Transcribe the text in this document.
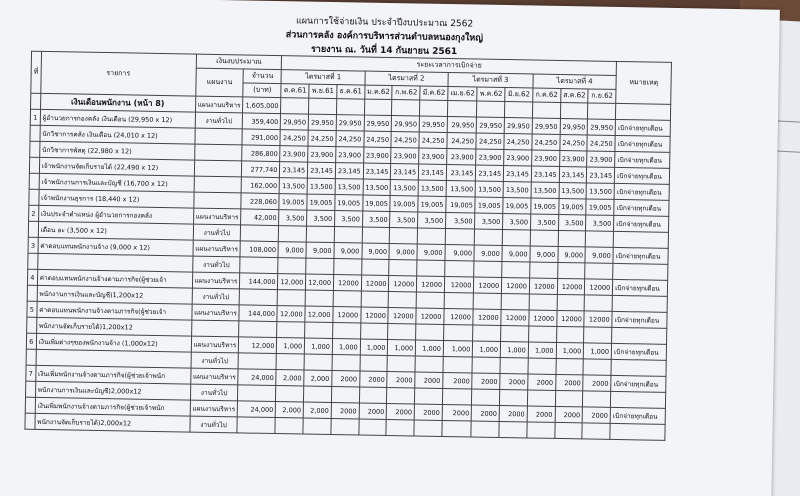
แผนการใช้จ่ายเงิน ประจำปีงบประมาณ 2562
ส่วนการคลัง องค์การบริหารส่วนตำบลหนองกุงใหญ่
รายงาน ณ. วันที่ 14 กันยายน 2561
ที่	รายการ	เงินงบประมาณ		ระยะเวลาการเบิกจ่าย												หมายเหตุ
		แผนงาน	จำนวน	ไตรมาสที่ 1			ไตรมาสที่ 2			ไตรมาสที่ 3			ไตรมาสที่ 4			
			(บาท)	ต.ค.61	พ.ย.61	ธ.ค.61	ม.ค.62	ก.พ.62	มี.ค.62	เม.ย.62	พ.ค.62	มิ.ย.62	ก.ค.62	ส.ค.62	ก.ย.62	
	เงินเดือนพนักงาน (หน้า 8)	แผนงานบริหาร	1,605,000													
1	ผู้อำนวยการกองคลัง เงินเดือน (29,950 x 12)	งานทั่วไป	359,400	29,950	29,950	29,950	29,950	29,950	29,950	29,950	29,950	29,950	29,950	29,950	29,950	เบิกจ่ายทุกเดือน
	นักวิชาการคลัง เงินเดือน (24,010 x 12)		291,000	24,250	24,250	24,250	24,250	24,250	24,250	24,250	24,250	24,250	24,250	24,250	24,250	เบิกจ่ายทุกเดือน
	นักวิชาการพัสดุ (22,980 x 12)		286,800	23,900	23,900	23,900	23,900	23,900	23,900	23,900	23,900	23,900	23,900	23,900	23,900	เบิกจ่ายทุกเดือน
	เจ้าพนักงานจัดเก็บรายได้ (22,490 x 12)		277,740	23,145	23,145	23,145	23,145	23,145	23,145	23,145	23,145	23,145	23,145	23,145	23,145	เบิกจ่ายทุกเดือน
	เจ้าพนักงานการเงินและบัญชี (16,700 x 12)		162,000	13,500	13,500	13,500	13,500	13,500	13,500	13,500	13,500	13,500	13,500	13,500	13,500	เบิกจ่ายทุกเดือน
	เจ้าพนักงานธุรการ (18,440 x 12)		228,060	19,005	19,005	19,005	19,005	19,005	19,005	19,005	19,005	19,005	19,005	19,005	19,005	เบิกจ่ายทุกเดือน
2	เงินประจำตำแหน่ง ผู้อำนวยการกองคลัง	แผนงานบริหาร	42,000	3,500	3,500	3,500	3,500	3,500	3,500	3,500	3,500	3,500	3,500	3,500	3,500	เบิกจ่ายทุกเดือน
	เดือน ละ (3,500 x 12)	งานทั่วไป														
3	ค่าตอบแทนพนักงานจ้าง (9,000 x 12)	แผนงานบริหาร	108,000	9,000	9,000	9,000	9,000	9,000	9,000	9,000	9,000	9,000	9,000	9,000	9,000	เบิกจ่ายทุกเดือน
		งานทั่วไป														
4	ค่าตอบแทนพนักงานจ้างตามภารกิจ(ผู้ช่วยเจ้า	แผนงานบริหาร	144,000	12,000	12,000	12000	12000	12000	12000	12000	12000	12000	12000	12000	12000	เบิกจ่ายทุกเดือน
	พนักงานการเงินและบัญชี)1,200x12	งานทั่วไป														
5	ค่าตอบแทนพนักงานจ้างตามภารกิจ(ผู้ช่วยเจ้า	แผนงานบริหาร	144,000	12,000	12,000	12000	12000	12000	12000	12000	12000	12000	12000	12000	12000	เบิกจ่ายทุกเดือน
	พนักงานจัดเก็บรายได้)1,200x12															
6	เงินเพิ่มต่างๆของพนักงานจ้าง (1,000x12)	แผนงานบริหาร	12,000	1,000	1,000	1,000	1,000	1,000	1,000	1,000	1,000	1,000	1,000	1,000	1,000	เบิกจ่ายทุกเดือน
		งานทั่วไป														
7	เงินเพิ่มพนักงานจ้างตามภารกิจ(ผู้ช่วยเจ้าพนัก	แผนงานบริหาร	24,000	2,000	2,000	2000	2000	2000	2000	2000	2000	2000	2000	2000	2000	เบิกจ่ายทุกเดือน
	พนักงานการเงินและบัญชี)2,000x12	งานทั่วไป														
	เงินเพิ่มพนักงานจ้างตามภารกิจ(ผู้ช่วยเจ้าพนัก	แผนงานบริหาร	24,000	2,000	2,000	2000	2000	2000	2000	2000	2000	2000	2000	2000	2000	เบิกจ่ายทุกเดือน
	พนักงานจัดเก็บรายได้)2,000x12	งานทั่วไป														
